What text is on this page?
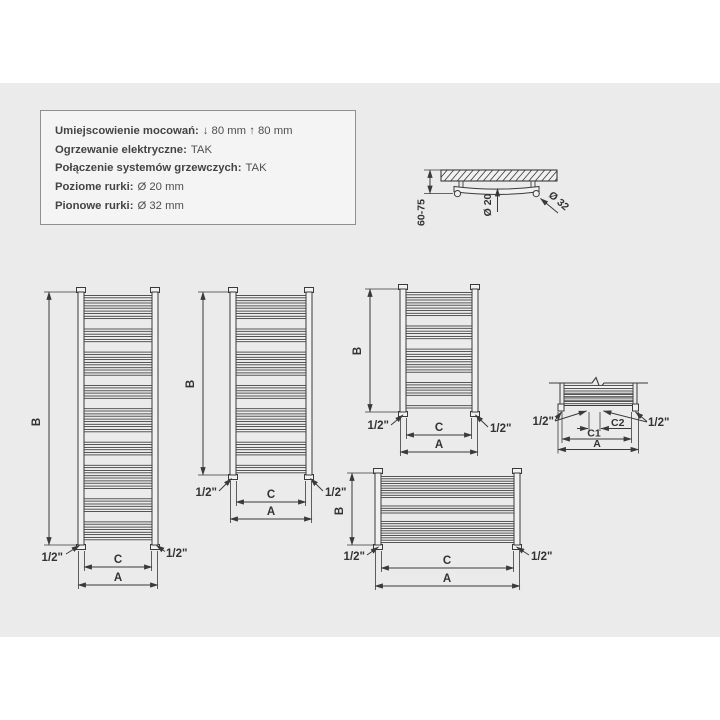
Umiejscowienie mocowań: ↓ 80 mm ↑ 80 mm
Ogrzewanie elektryczne: TAK
Połączenie systemów grzewczych: TAK
Poziome rurki: Ø 20 mm
Pionowe rurki: Ø 32 mm	60-75	Ø 20	Ø 32
B
C
A
1/2"	1/2"
B
C
A
1/2"	1/2"
B
C
A
1/2"	1/2"
B
C
A
1/2"	1/2"
C2
C1
A
1/2"	1/2"
